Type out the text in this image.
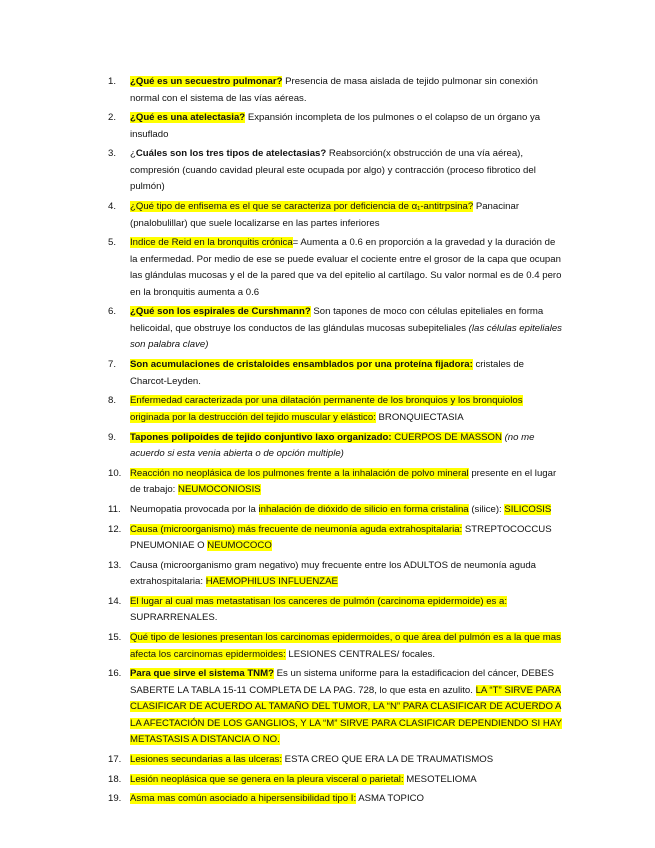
1. ¿Qué es un secuestro pulmonar? Presencia de masa aislada de tejido pulmonar sin conexión normal con el sistema de las vías aéreas.
2. ¿Qué es una atelectasia? Expansión incompleta de los pulmones o el colapso de un órgano ya insuflado
3. ¿Cuáles son los tres tipos de atelectasias? Reabsorción(x obstrucción de una vía aérea), compresión (cuando cavidad pleural este ocupada por algo) y contracción (proceso fibrotico del pulmón)
4. ¿Qué tipo de enfisema es el que se caracteriza por deficiencia de α₁-antitrpsina? Panacinar (pnalobulillar) que suele localizarse en las partes inferiores
5. Indice de Reid en la bronquitis crónica= Aumenta a 0.6 en proporción a la gravedad y la duración de la enfermedad. Por medio de ese se puede evaluar el cociente entre el grosor de la capa que ocupan las glándulas mucosas y el de la pared que va del epitelio al cartílago. Su valor normal es de 0.4 pero en la bronquitis aumenta a 0.6
6. ¿Qué son los espirales de Curshmann? Son tapones de moco con células epiteliales en forma helicoidal, que obstruye los conductos de las glándulas mucosas subepiteliales (las células epiteliales son palabra clave)
7. Son acumulaciones de cristaloides ensamblados por una proteína fijadora: cristales de Charcot-Leyden.
8. Enfermedad caracterizada por una dilatación permanente de los bronquios y los bronquiolos originada por la destrucción del tejido muscular y elástico: BRONQUIECTASIA
9. Tapones polipoides de tejido conjuntivo laxo organizado: CUERPOS DE MASSON (no me acuerdo si esta venia abierta o de opción multiple)
10. Reacción no neoplásica de los pulmones frente a la inhalación de polvo mineral presente en el lugar de trabajo: NEUMOCONIOSIS
11. Neumopatia provocada por la inhalación de dióxido de silicio en forma cristalina (silice): SILICOSIS
12. Causa (microorganismo) más frecuente de neumonía aguda extrahospitalaria: STREPTOCOCCUS PNEUMONIAE O NEUMOCOCO
13. Causa (microorganismo gram negativo) muy frecuente entre los ADULTOS de neumonía aguda extrahospitalaria: HAEMOPHILUS INFLUENZAE
14. El lugar al cual mas metastatisan los canceres de pulmón (carcinoma epidermoide) es a: SUPRARRENALES.
15. Qué tipo de lesiones presentan los carcinomas epidermoides, o que área del pulmón es a la que mas afecta los carcinomas epidermoides: LESIONES CENTRALES/ focales.
16. Para que sirve el sistema TNM? Es un sistema uniforme para la estadificacion del cáncer, DEBES SABERTE LA TABLA 15-11 COMPLETA DE LA PAG. 728, lo que esta en azulito. LA “T” SIRVE PARA CLASIFICAR DE ACUERDO AL TAMAÑO DEL TUMOR, LA “N” PARA CLASIFICAR DE ACUERDO A LA AFECTACIÓN DE LOS GANGLIOS, Y LA “M” SIRVE PARA CLASIFICAR DEPENDIENDO SI HAY METASTASIS A DISTANCIA O NO.
17. Lesiones secundarias a las ulceras: ESTA CREO QUE ERA LA DE TRAUMATISMOS
18. Lesión neoplásica que se genera en la pleura visceral o parietal: MESOTELIOMA
19. Asma mas común asociado a hipersensibilidad tipo I: ASMA TOPICO
